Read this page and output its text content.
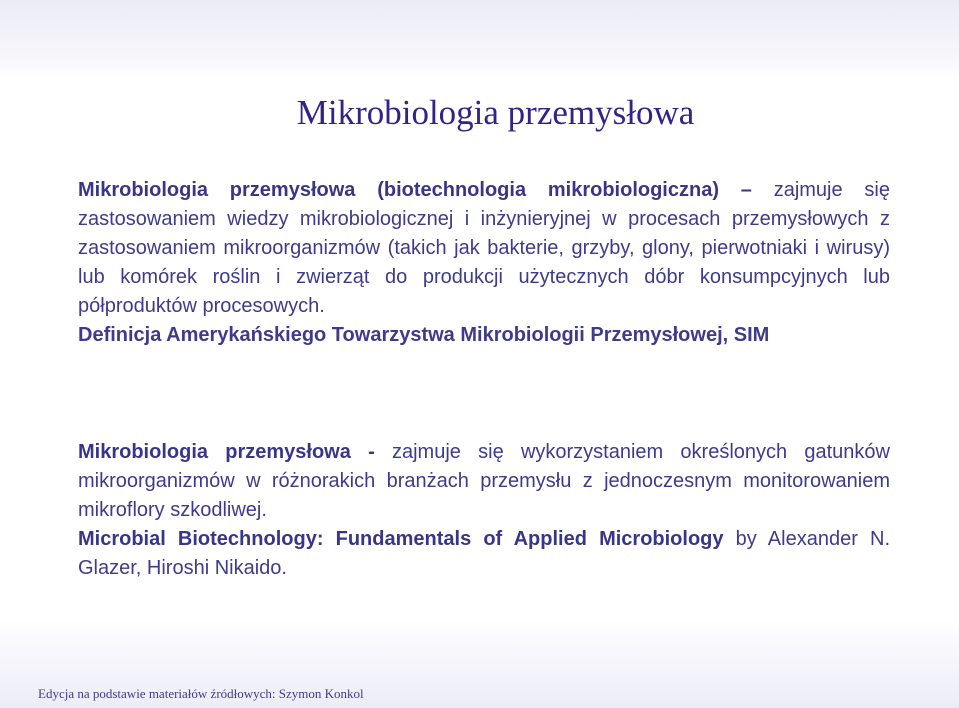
Mikrobiologia przemysłowa

Mikrobiologia przemysłowa (biotechnologia mikrobiologiczna) – zajmuje się zastosowaniem wiedzy mikrobiologicznej i inżynieryjnej w procesach przemysłowych z zastosowaniem mikroorganizmów (takich jak bakterie, grzyby, glony, pierwotniaki i wirusy) lub komórek roślin i zwierząt do produkcji użytecznych dóbr konsumpcyjnych lub półproduktów procesowych.
Definicja Amerykańskiego Towarzystwa Mikrobiologii Przemysłowej, SIM

Mikrobiologia przemysłowa - zajmuje się wykorzystaniem określonych gatunków mikroorganizmów w różnorakich branżach przemysłu z jednoczesnym monitorowaniem mikroflory szkodliwej.
Microbial Biotechnology: Fundamentals of Applied Microbiology by Alexander N. Glazer, Hiroshi Nikaido.

Edycja na podstawie materiałów źródłowych: Szymon Konkol
